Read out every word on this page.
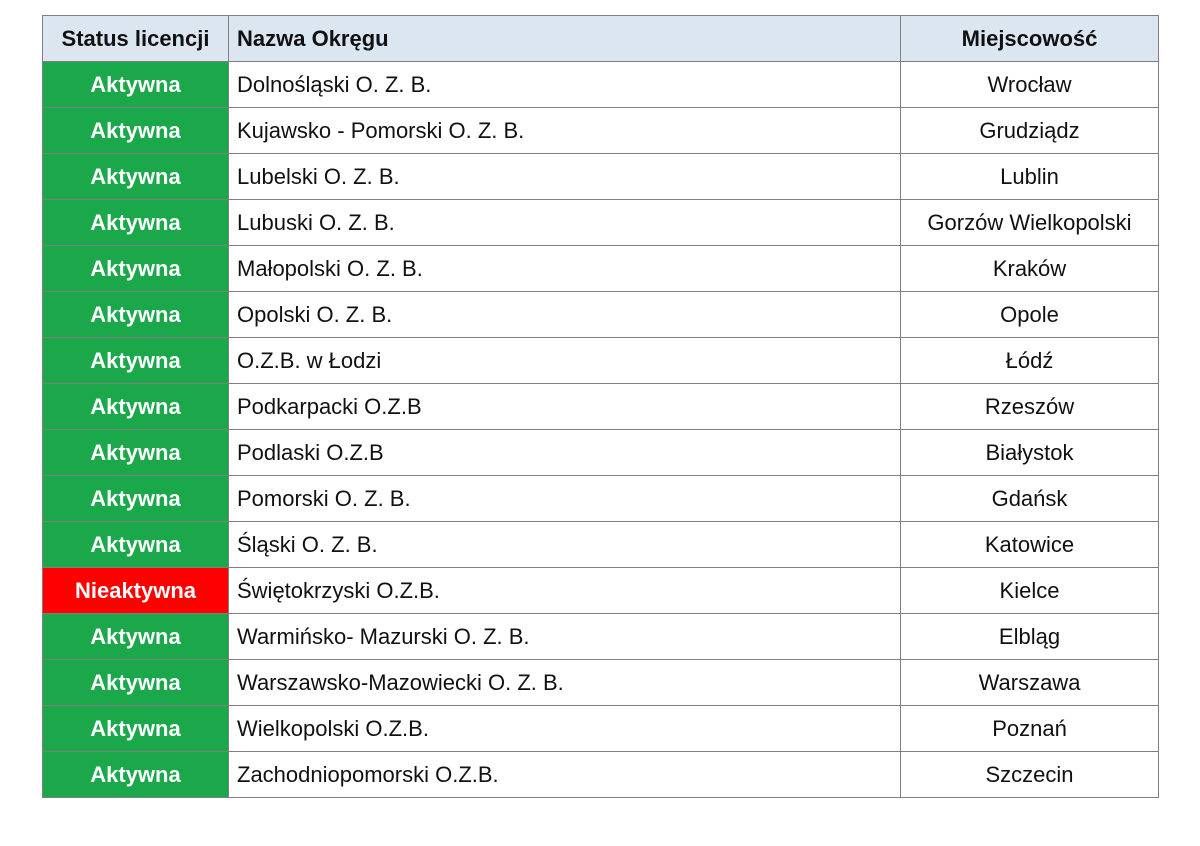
Status licencji	Nazwa Okręgu	Miejscowość
Aktywna	Dolnośląski O. Z. B.	Wrocław
Aktywna	Kujawsko - Pomorski O. Z. B.	Grudziądz
Aktywna	Lubelski O. Z. B.	Lublin
Aktywna	Lubuski O. Z. B.	Gorzów Wielkopolski
Aktywna	Małopolski O. Z. B.	Kraków
Aktywna	Opolski O. Z. B.	Opole
Aktywna	O.Z.B. w Łodzi	Łódź
Aktywna	Podkarpacki O.Z.B	Rzeszów
Aktywna	Podlaski O.Z.B	Białystok
Aktywna	Pomorski O. Z. B.	Gdańsk
Aktywna	Śląski O. Z. B.	Katowice
Nieaktywna	Świętokrzyski O.Z.B.	Kielce
Aktywna	Warmińsko- Mazurski O. Z. B.	Elbląg
Aktywna	Warszawsko-Mazowiecki O. Z. B.	Warszawa
Aktywna	Wielkopolski O.Z.B.	Poznań
Aktywna	Zachodniopomorski O.Z.B.	Szczecin
